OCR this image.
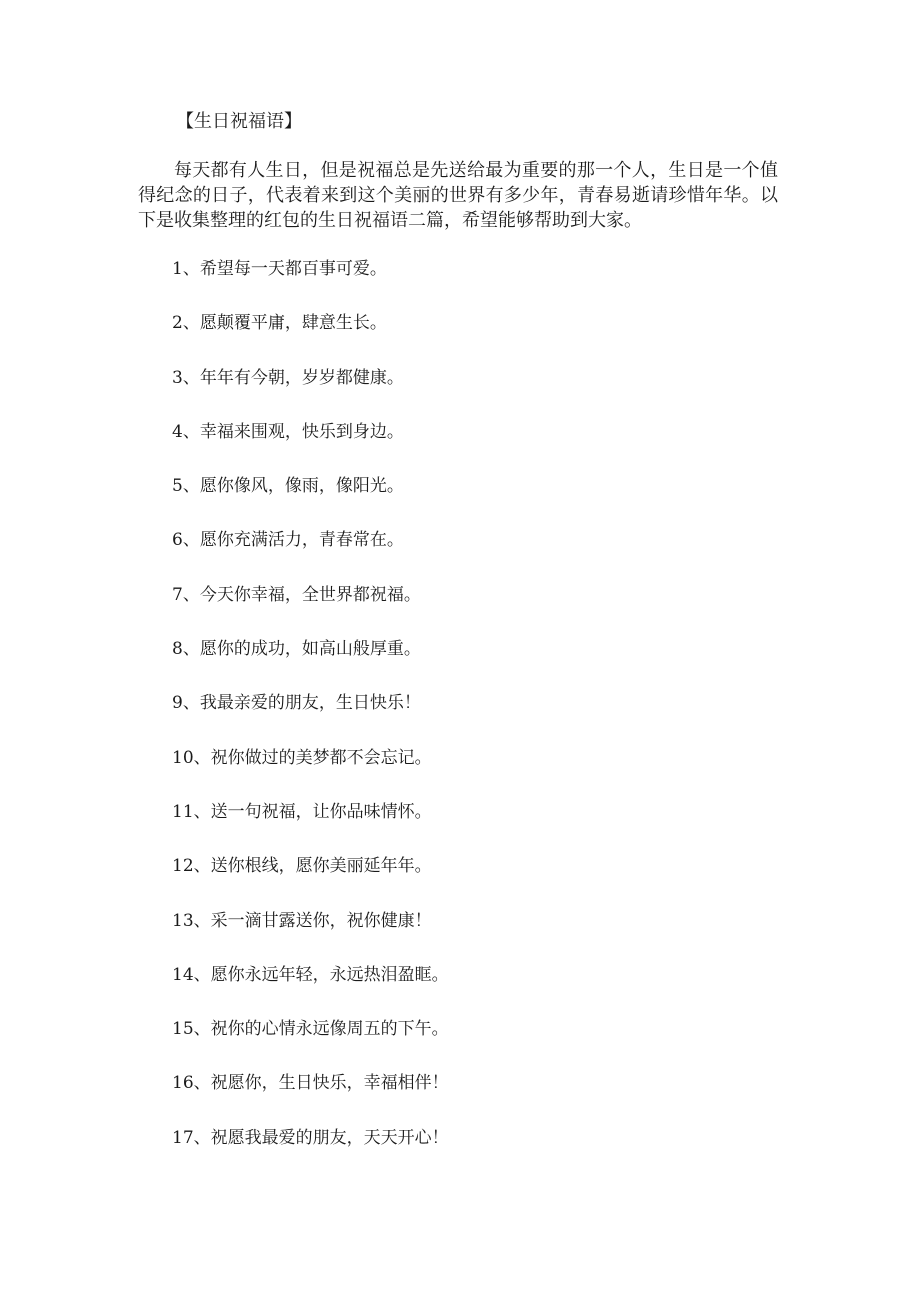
【生日祝福语】
每天都有人生日，但是祝福总是先送给最为重要的那一个人，生日是一个值得纪念的日子，代表着来到这个美丽的世界有多少年，青春易逝请珍惜年华。以下是收集整理的红包的生日祝福语二篇，希望能够帮助到大家。
1、希望每一天都百事可爱。
2、愿颠覆平庸，肆意生长。
3、年年有今朝，岁岁都健康。
4、幸福来围观，快乐到身边。
5、愿你像风，像雨，像阳光。
6、愿你充满活力，青春常在。
7、今天你幸福，全世界都祝福。
8、愿你的成功，如高山般厚重。
9、我最亲爱的朋友，生日快乐！
10、祝你做过的美梦都不会忘记。
11、送一句祝福，让你品味情怀。
12、送你根线，愿你美丽延年年。
13、采一滴甘露送你，祝你健康！
14、愿你永远年轻，永远热泪盈眶。
15、祝你的心情永远像周五的下午。
16、祝愿你，生日快乐，幸福相伴！
17、祝愿我最爱的朋友，天天开心！
